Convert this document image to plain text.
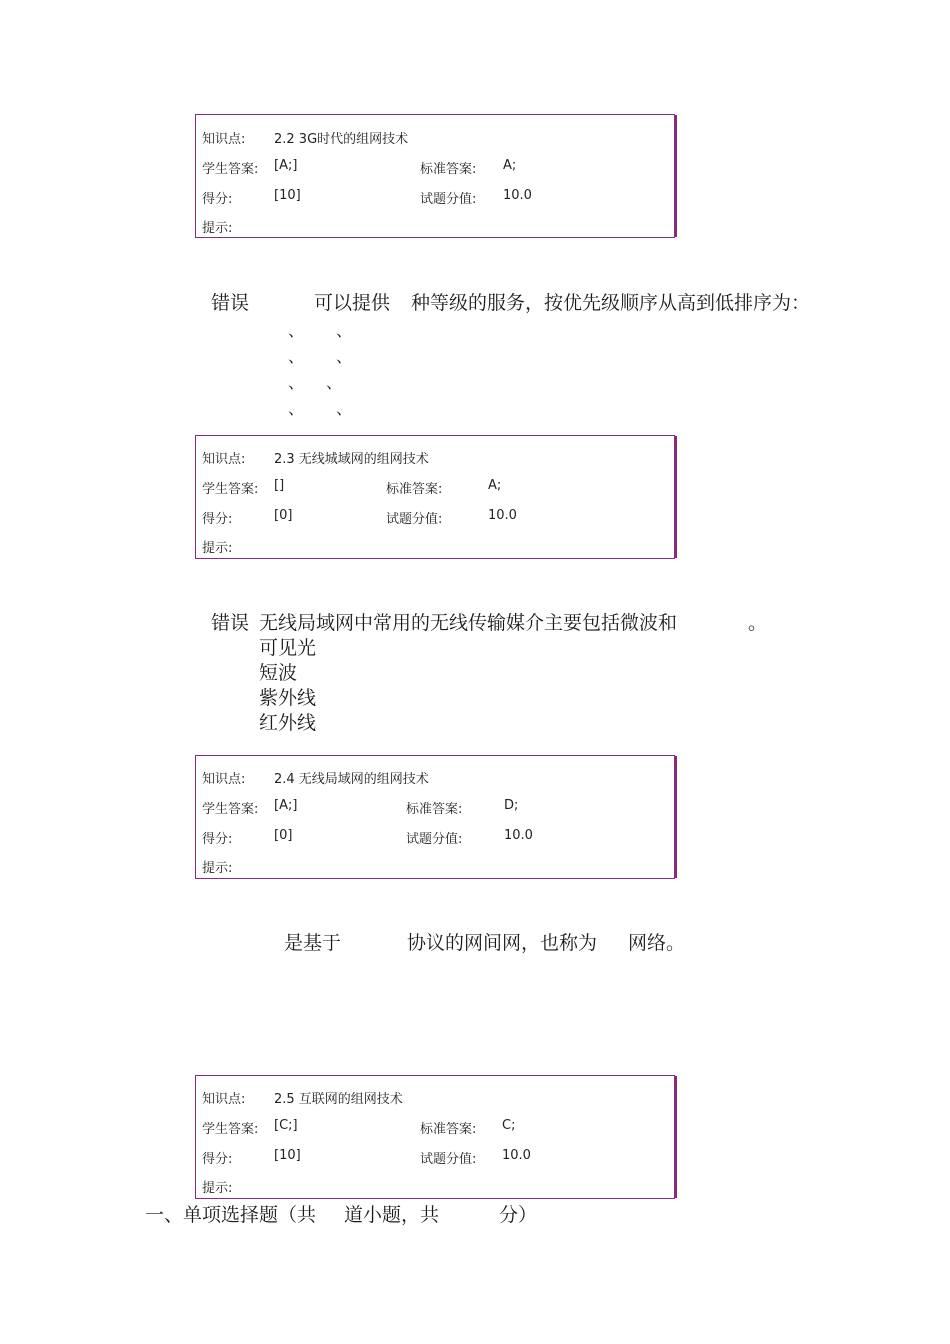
知识点: 2.2 3G时代的组网技术
学生答案: [A;]	标准答案: A;
得分:	[10]	试题分值: 10.0
提示:
错误	可以提供 种等级的服务，按优先级顺序从高到低排序为：
、 、
、 、
、 、
、 、
知识点: 2.3 无线城域网的组网技术
学生答案: []	标准答案:	A;
得分:	[0]	试题分值:	10.0
提示:
错误 无线局域网中常用的无线传输媒介主要包括微波和	。
可见光
短波
紫外线
红外线
知识点: 2.4 无线局域网的组网技术
学生答案: [A;]	标准答案:	D;
得分:	[0]	试题分值:	10.0
提示:
是基于	协议的网间网，也称为 网络。
知识点: 2.5 互联网的组网技术
学生答案: [C;]	标准答案: C;
得分:	[10]	试题分值: 10.0
提示:
一、单项选择题（共 道小题，共	分）
